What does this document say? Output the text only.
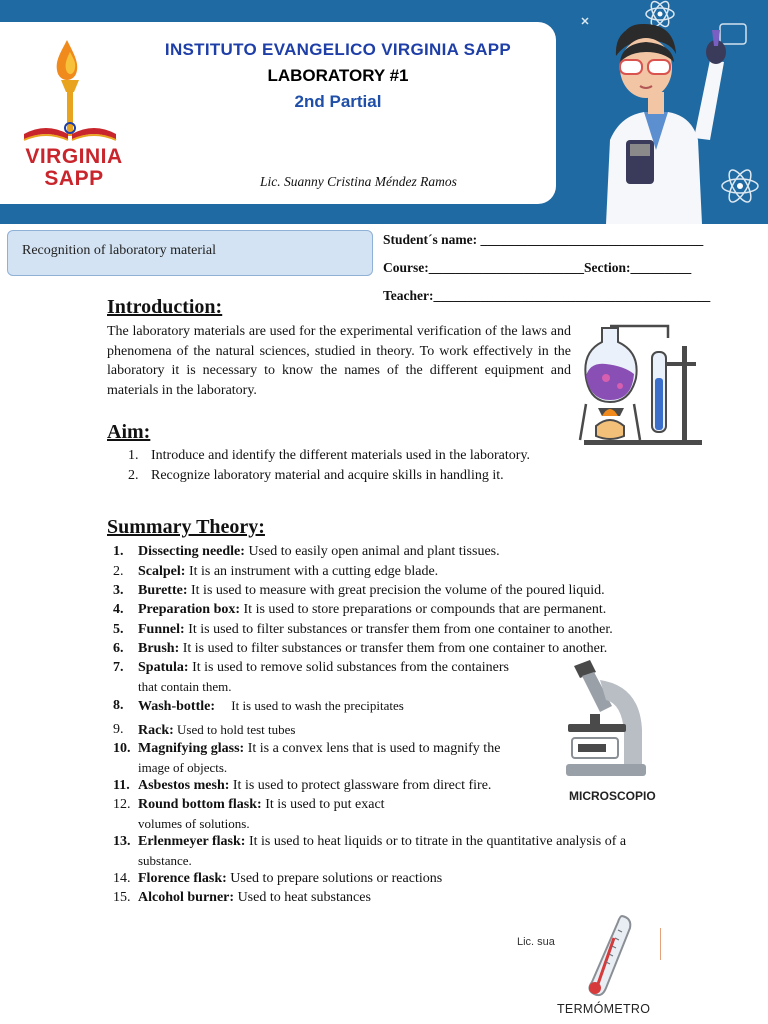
VIRGINIA
SAPP
INSTITUTO EVANGELICO VIRGINIA SAPP
LABORATORY #1
2nd Partial
Lic. Suanny Cristina Méndez Ramos
Recognition of laboratory material
Student´s name: _________________________________
Course:_______________________Section:_________
Teacher:_________________________________________
Introduction:
The laboratory materials are used for the experimental verification of the laws and phenomena of the natural sciences, studied in theory. To work effectively in the laboratory it is necessary to know the names of the different equipment and materials in the laboratory.
Aim:
1. Introduce and identify the different materials used in the laboratory.
2. Recognize laboratory material and acquire skills in handling it.
Summary Theory:
1.	Dissecting needle: Used to easily open animal and plant tissues.
2.	Scalpel: It is an instrument with a cutting edge blade.
3.	Burette: It is used to measure with great precision the volume of the poured liquid.
4.	Preparation box: It is used to store preparations or compounds that are permanent.
5.	Funnel: It is used to filter substances or transfer them from one container to another.
6.	Brush: It is used to filter substances or transfer them from one container to another.
7.	Spatula: It is used to remove solid substances from the containers
that contain them.
8.	Wash-bottle:     It is used to wash the precipitates
9.	Rack: Used to hold test tubes
10. Magnifying glass: It is a convex lens that is used to magnify the
image of objects.
11. Asbestos mesh: It is used to protect glassware from direct fire.
12. Round bottom flask: It is used to put exact
volumes of solutions.
13. Erlenmeyer flask: It is used to heat liquids or to titrate in the quantitative analysis of a
substance.
14. Florence flask: Used to prepare solutions or reactions
15. Alcohol burner: Used to heat substances
MICROSCOPIO
Lic. sua
TERMÓMETRO
